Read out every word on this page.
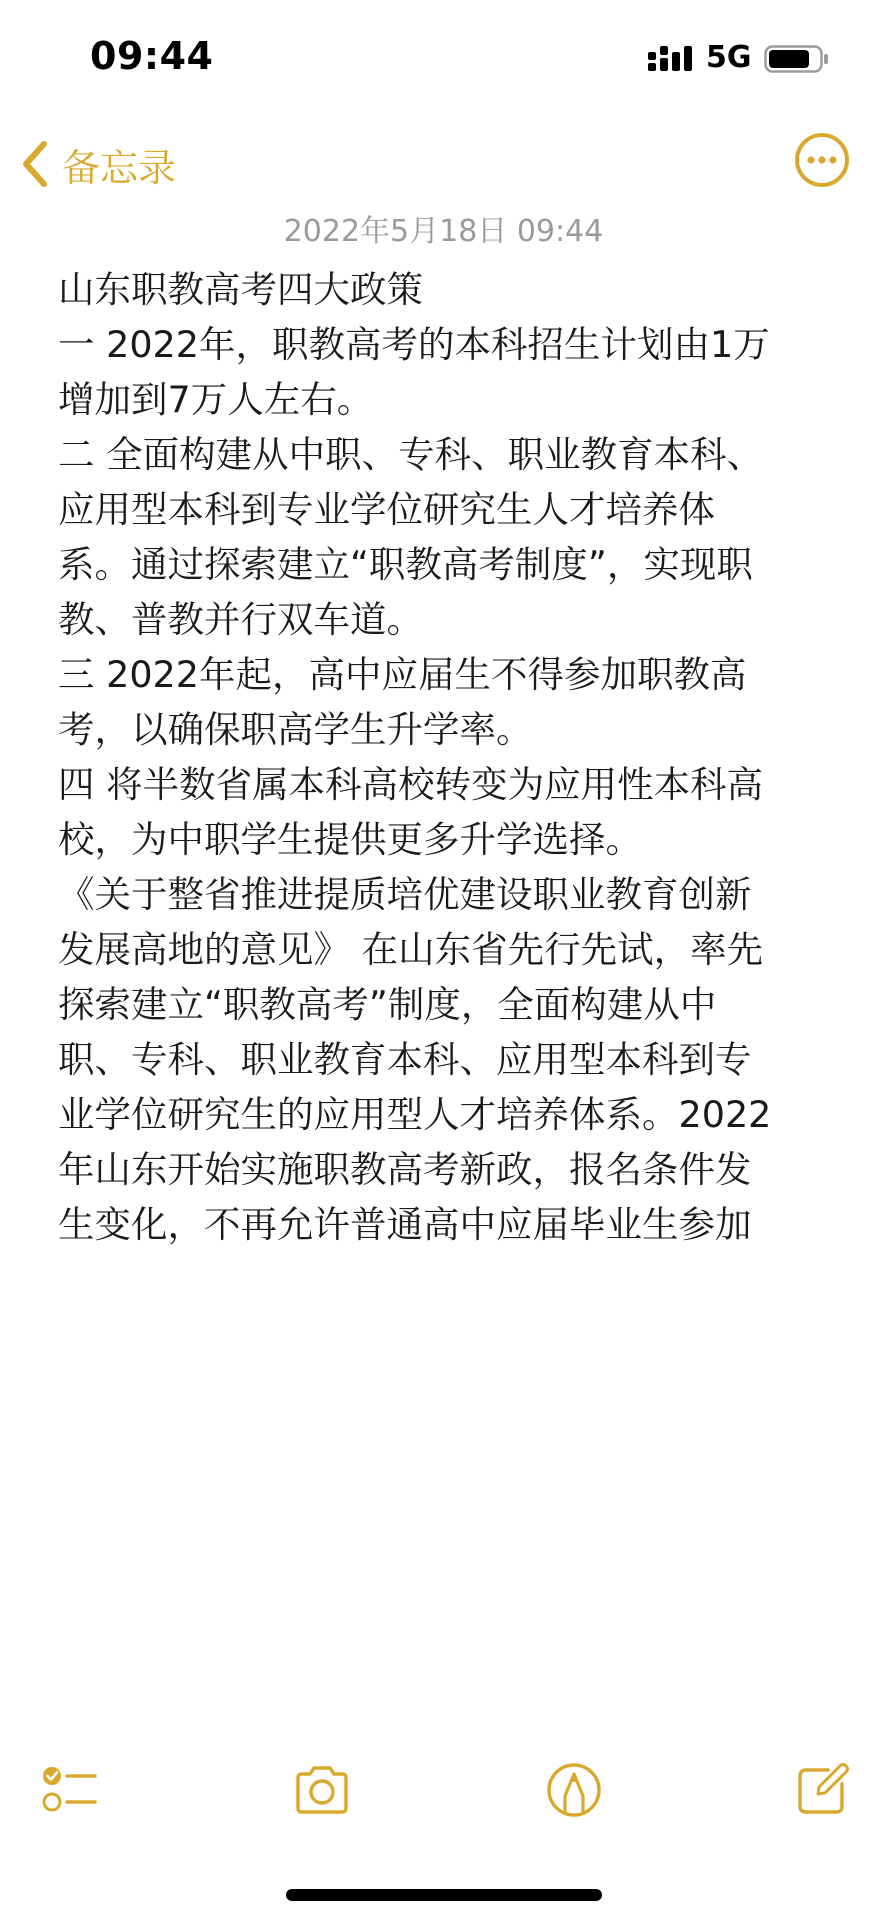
09:44	5G
备忘录
2022年5月18日 09:44
山东职教高考四大政策
一 2022年，职教高考的本科招生计划由1万
增加到7万人左右。
二 全面构建从中职、专科、职业教育本科、
应用型本科到专业学位研究生人才培养体
系。通过探索建立“职教高考制度”，实现职
教、普教并行双车道。
三 2022年起，高中应届生不得参加职教高
考，以确保职高学生升学率。
四 将半数省属本科高校转变为应用性本科高
校，为中职学生提供更多升学选择。
《关于整省推进提质培优建设职业教育创新
发展高地的意见》 在山东省先行先试，率先
探索建立“职教高考”制度，全面构建从中
职、专科、职业教育本科、应用型本科到专
业学位研究生的应用型人才培养体系。2022
年山东开始实施职教高考新政，报名条件发
生变化，不再允许普通高中应届毕业生参加
